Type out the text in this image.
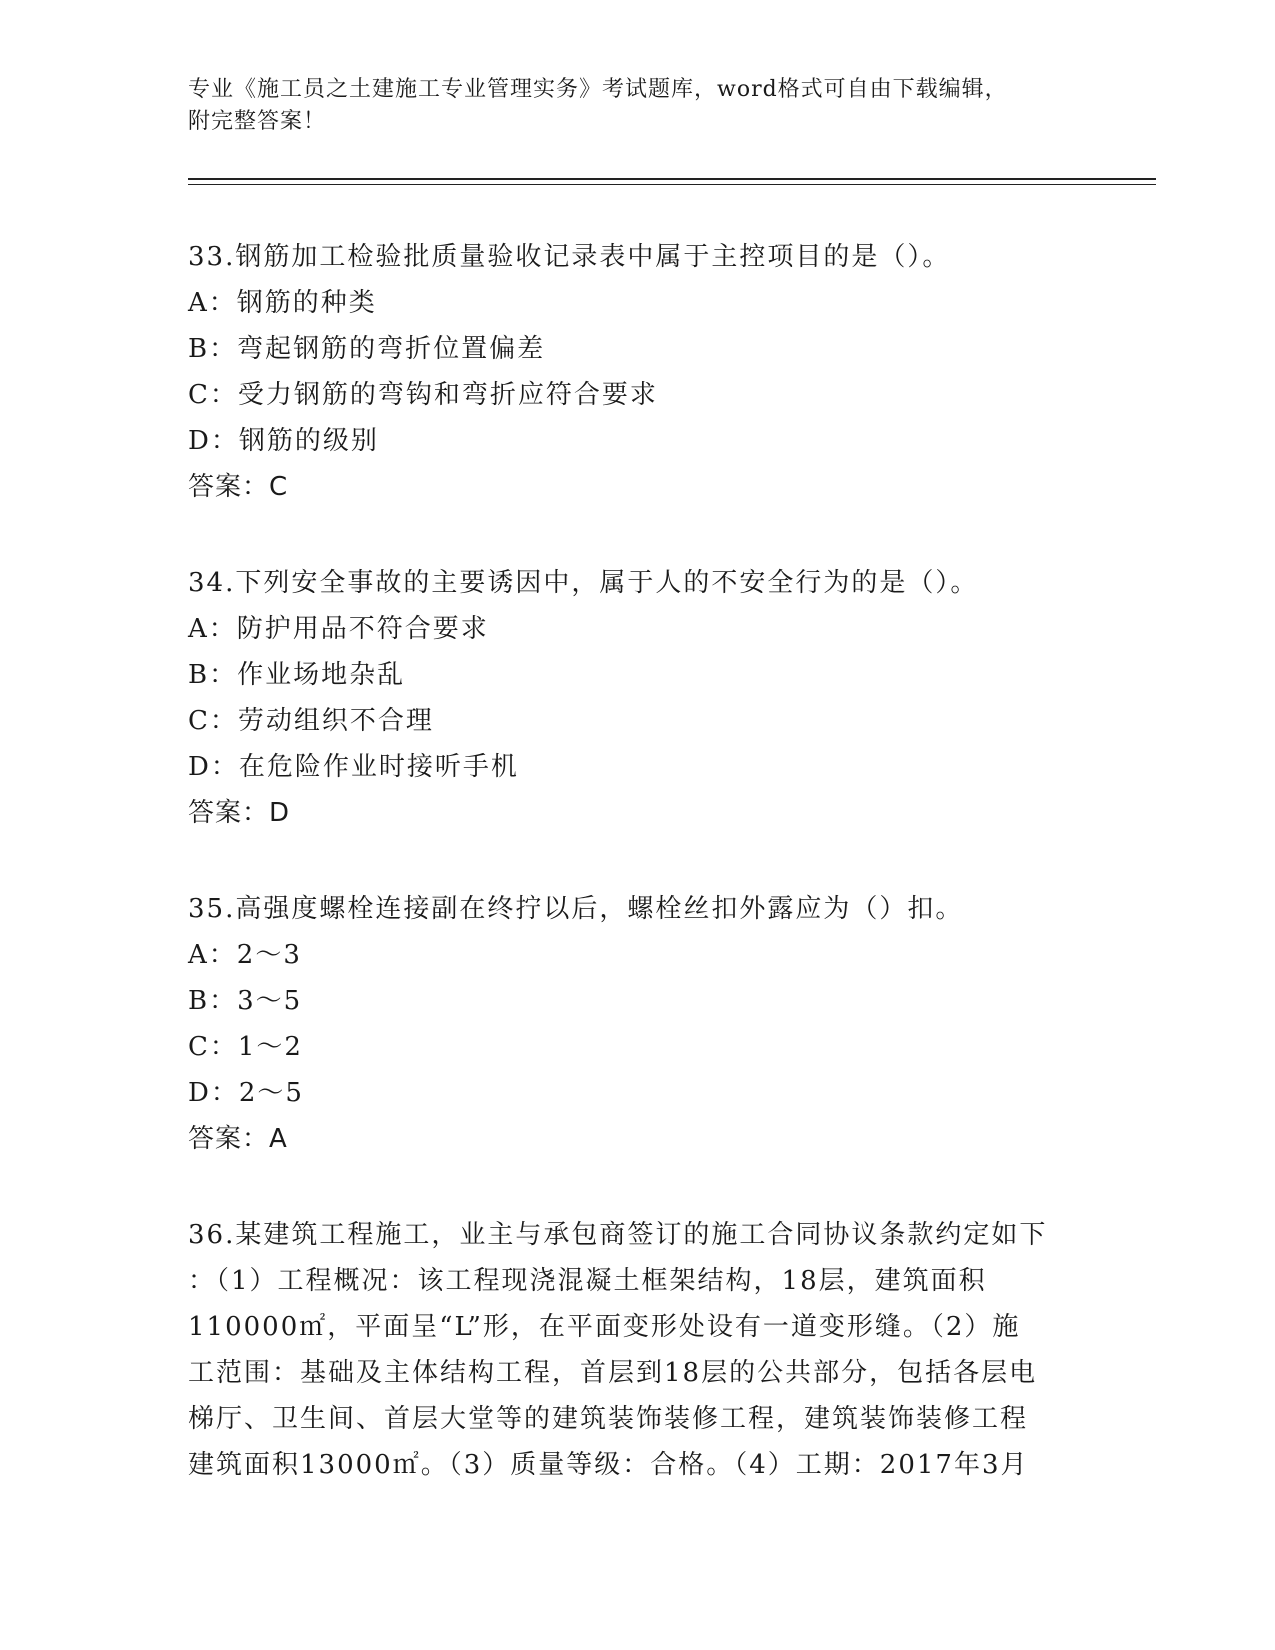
专业《施工员之土建施工专业管理实务》考试题库，word格式可自由下载编辑，
附完整答案！
33.钢筋加工检验批质量验收记录表中属于主控项目的是（）。
A：钢筋的种类
B：弯起钢筋的弯折位置偏差
C：受力钢筋的弯钩和弯折应符合要求
D：钢筋的级别
答案：C
34.下列安全事故的主要诱因中，属于人的不安全行为的是（）。
A：防护用品不符合要求
B：作业场地杂乱
C：劳动组织不合理
D：在危险作业时接听手机
答案：D
35.高强度螺栓连接副在终拧以后，螺栓丝扣外露应为（）扣。
A：2～3
B：3～5
C：1～2
D：2～5
答案：A
36.某建筑工程施工，业主与承包商签订的施工合同协议条款约定如下
：（1）工程概况：该工程现浇混凝土框架结构，18层，建筑面积
110000㎡，平面呈“L”形，在平面变形处设有一道变形缝。（2）施
工范围：基础及主体结构工程，首层到18层的公共部分，包括各层电
梯厅、卫生间、首层大堂等的建筑装饰装修工程，建筑装饰装修工程
建筑面积13000㎡。（3）质量等级：合格。（4）工期：2017年3月
